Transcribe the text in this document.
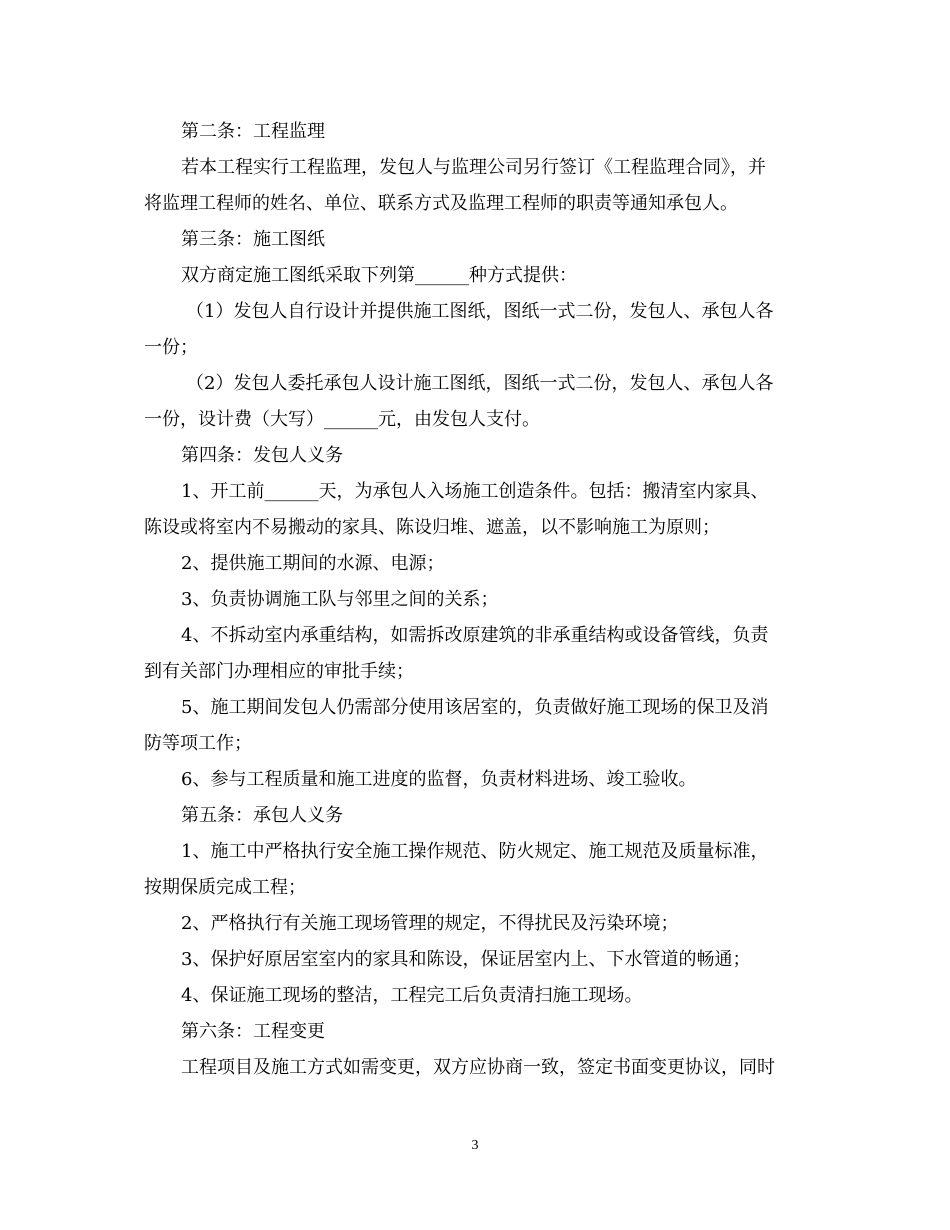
第二条：工程监理
若本工程实行工程监理，发包人与监理公司另行签订《工程监理合同》，并
将监理工程师的姓名、单位、联系方式及监理工程师的职责等通知承包人。
第三条：施工图纸
双方商定施工图纸采取下列第______种方式提供：
（1）发包人自行设计并提供施工图纸，图纸一式二份，发包人、承包人各
一份；
（2）发包人委托承包人设计施工图纸，图纸一式二份，发包人、承包人各
一份，设计费（大写）______元，由发包人支付。
第四条：发包人义务
1、开工前______天，为承包人入场施工创造条件。包括：搬清室内家具、
陈设或将室内不易搬动的家具、陈设归堆、遮盖，以不影响施工为原则；
2、提供施工期间的水源、电源；
3、负责协调施工队与邻里之间的关系；
4、不拆动室内承重结构，如需拆改原建筑的非承重结构或设备管线，负责
到有关部门办理相应的审批手续；
5、施工期间发包人仍需部分使用该居室的，负责做好施工现场的保卫及消
防等项工作；
6、参与工程质量和施工进度的监督，负责材料进场、竣工验收。
第五条：承包人义务
1、施工中严格执行安全施工操作规范、防火规定、施工规范及质量标准，
按期保质完成工程；
2、严格执行有关施工现场管理的规定，不得扰民及污染环境；
3、保护好原居室室内的家具和陈设，保证居室内上、下水管道的畅通；
4、保证施工现场的整洁，工程完工后负责清扫施工现场。
第六条：工程变更
工程项目及施工方式如需变更，双方应协商一致，签定书面变更协议，同时
3
